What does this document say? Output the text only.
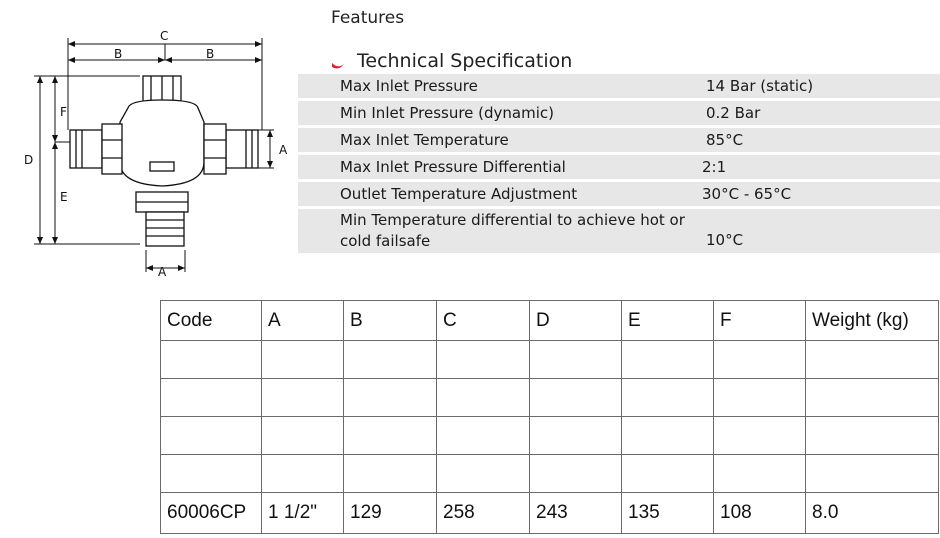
C
B	B
F
D
E
A
A
Features
Technical Specification
Max Inlet Pressure	14 Bar (static)
Min Inlet Pressure (dynamic)	0.2 Bar
Max Inlet Temperature	85°C
Max Inlet Pressure Differential	2:1
Outlet Temperature Adjustment	30°C - 65°C
Min Temperature differential to achieve hot or
cold failsafe	10°C
Code	A	B	C	D	E	F	Weight (kg)

60006CP	1 1/2"	129	258	243	135	108	8.0
